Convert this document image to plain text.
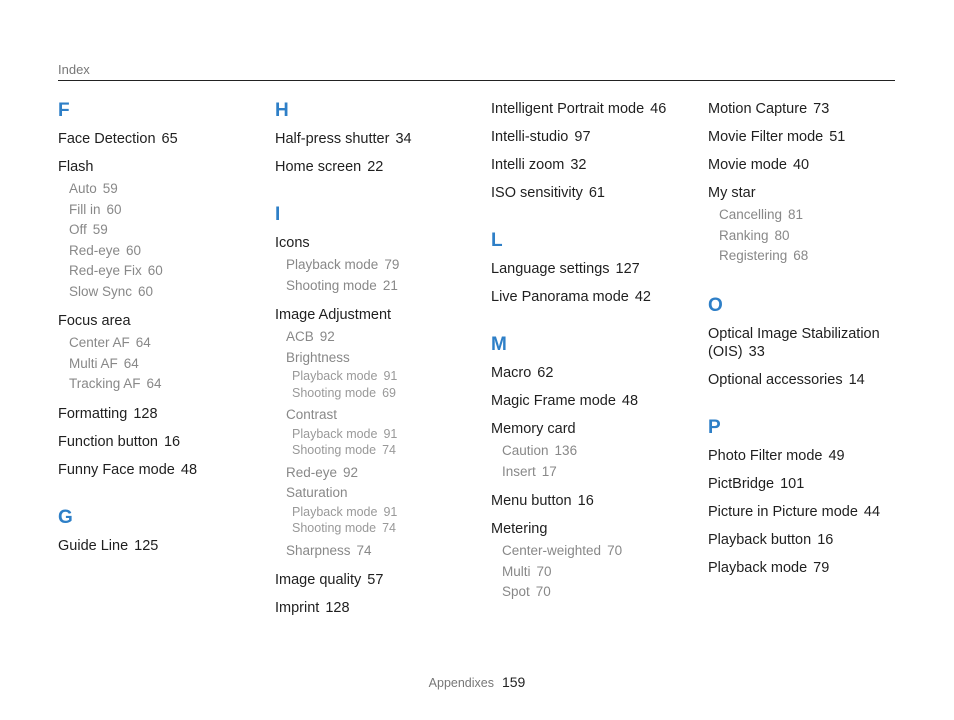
Index
F
Face Detection 65
Flash
Auto 59
Fill in 60
Off 59
Red-eye 60
Red-eye Fix 60
Slow Sync 60
Focus area
Center AF 64
Multi AF 64
Tracking AF 64
Formatting 128
Function button 16
Funny Face mode 48
G
Guide Line 125
H
Half-press shutter 34
Home screen 22
I
Icons
Playback mode 79
Shooting mode 21
Image Adjustment
ACB 92
Brightness
Playback mode 91
Shooting mode 69
Contrast
Playback mode 91
Shooting mode 74
Red-eye 92
Saturation
Playback mode 91
Shooting mode 74
Sharpness 74
Image quality 57
Imprint 128
Intelligent Portrait mode 46
Intelli-studio 97
Intelli zoom 32
ISO sensitivity 61
L
Language settings 127
Live Panorama mode 42
M
Macro 62
Magic Frame mode 48
Memory card
Caution 136
Insert 17
Menu button 16
Metering
Center-weighted 70
Multi 70
Spot 70
Motion Capture 73
Movie Filter mode 51
Movie mode 40
My star
Cancelling 81
Ranking 80
Registering 68
O
Optical Image Stabilization (OIS) 33
Optional accessories 14
P
Photo Filter mode 49
PictBridge 101
Picture in Picture mode 44
Playback button 16
Playback mode 79
Appendixes 159
